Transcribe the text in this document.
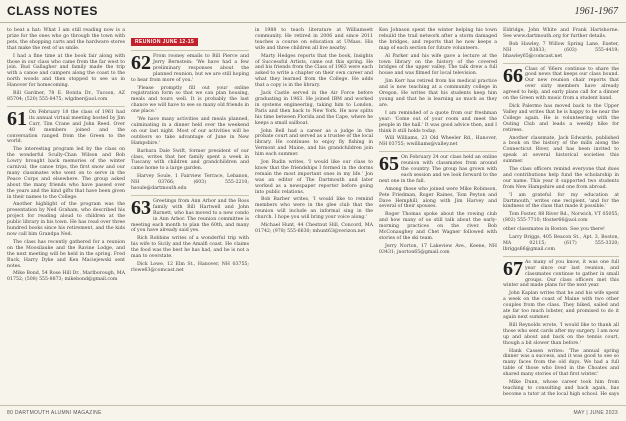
CLASS NOTES	1961-1967

to beat a hat: What I am still reading now is a prize for the ones who go through the town with pets, the shopping carts and the hardware stores that make the rest of us smile.

I had a fine time at the book fair along with those in our class who came from the far west to join. Bud Gallagher and family made the trip with a canoe and campers along the coast to the north woods and then stopped to see us in Hanover for homecoming.

Bill Gardner, 78 E. Bonita Dr., Tucson, AZ 85704; (520) 555-8475; wlgdner@aol.com

61 On February 18 the class of 1961 had its annual virtual meeting hosted by Jim Carr, Tim Crane and John Reed. Over 40 members joined and the conversation ranged from the Green to the world.

The interesting program led by the class on the wonderful Scully-Chan Wilson and Bob Lowry brought back memories of the winter carnival, the canoe trips, the first snow and our many classmates who went on to serve in the Peace Corps and elsewhere. The group asked about the many friends who have passed over the years and the kind gifts that have been given in their names to the College.

Another highlight of the program was the presentation by Ned Graham, who described his project for reading aloud to children at the public library in his town. He has read over three hundred books since his retirement, and the kids now call him Grandpa Ned.

The class has recently gathered for a reunion on the Moosilauke and the Ravine Lodge, and the next meeting will be held in the spring. Fred Buck, Harry Dyke and Ken Maciejewski sent notes.

Mike Bond, 54 Rose Hill Dr., Marlborough, MA 01752; (508) 555-8873; mikebond@gmail.com

REUNION JUNE 12-15
62 From rooney emails to Bill Pierce and Jerry Bernstein: 'We have had a few preliminary responses about the planned reunion, but we are still hoping to hear from more of you.'

'Please promptly fill out your online registration form so that we can plan housing, meals and tours well. It is probably the last chance we will have to see so many old friends in one place.'

'We have many activities and meals planned, culminating in a dinner held over the weekend on our last night. Most of our activities will be outdoors so take advantage of June in New Hampshire.'

Barbara Dale Swift, former president of our class, writes that her family spent a week in Tuscany with children and grandchildren and came home to a large garden.

Harvey Soule, 1 Fairview Terrace, Lebanon, NH 03766; (603) 555-2210; hsoule@dartmouth.edu

63 Greetings from Ann Arbor and the Ross family with Bill Hartwell and John Barnett, who has moved to a new condo in Ann Arbor. The reunion committee is meeting each month to plan the 60th, and many of you have already said yes.

Rich Robbins writes of a wonderful trip with his wife to Sicily and the Amalfi coast. He claims the food was the best he has had, and he is not a man to overstate.

Dick Lowe, 12 Elm St., Hanover, NH 03755; rlowe63@comcast.net

in 1988 to teach literature at Williamsett community. He retired in 2006 and since 2011 teaches a course on education at UMass. His wife and three children all live nearby.

Marty Hedges reports that the book, Insights of Successful Artists, came out this spring. He and his friends from the Class of 1963 were each asked to write a chapter on their own career and what they learned from the College. He adds that a copy is in the library.

Jack Castle served in the Air Force before graduating in 1963. He joined IBM and worked in systems engineering, taking him to London, Paris and then back to New York. He now splits his time between Florida and the Cape, where he keeps a small sailboat.

John Bell had a career as a judge in the probate court and served as a trustee of the local library. He continues to enjoy fly fishing in Vermont and Maine, and his grandchildren join him each summer.

Jon Rudin writes, 'I would like our class to know that the friendships I formed in the dorms remain the most important ones in my life.' Jon was an editor of The Dartmouth and later worked as a newspaper reporter before going into public relations.

Bob Barber writes, 'I would like to remind members who were in the glee club that the reunion will include an informal sing in the church. I hope you will bring your voice along.'

Michael Hunt, 44 Chestnut Hill, Concord, MA 01742; (978) 555-6630; mhunt63@verizon.net

Ken Johnson spent the winter helping his town rebuild the trail network after a storm damaged the bridges, and reports that he now keeps a map of each section for future volunteers.

Al Parker and his wife gave a lecture at the town library on the history of the covered bridges of the upper valley. The talk drew a full house and was filmed for local television.

Jim Kerr has retired from his medical practice and is now teaching at a community college in Oregon. He writes that his students keep him young and that he is learning as much as they are.

I am reminded of a quote from our freshman year: 'Come out of your room and meet the people in the hall.' It was good advice then, and I think it still holds today.

Will Williams, 23 Old Wheeler Rd., Hanover, NH 03755; wwilliams@valley.net

65 On February 24 our class held an online reunion with classmates from around the country. The group has grown with each session and we look forward to the next one in the fall.

Among those who joined were Mike Robinson, Pete Friedman, Roger Raines, Tom Peyton and Dave Hemphill, along with Jim Harvey and several of their spouses.

Roger Thomas spoke about the rowing club and how many of us still talk about the early-morning practices on the river. Bob McConaughey and Chet Wagner followed with stories of the ski team.

Jerry Norton, 17 Lakeview Ave., Keene, NH 03431; jnorton65@gmail.com

Eldridge, John White and Frank Hartshorne. See www.dartmouth.org for further details.

Bob Hawley, 7 Willow Spring Lane, Exeter, NH 03833; (603) 555-4419; bhawley65@comcast.net

66 Class of '66ers continue to share the good news that keeps our class bound. Our new reunion chair reports that over sixty members have already agreed to help, and early plans call for a dinner on the Green with music from a student band.

Dick Palermo has moved back to the Upper Valley and writes that he is happy to be near the College again. He is volunteering with the Outing Club and leads a weekly hike for retirees.

Another classmate, Jack Edwards, published a book on the history of the mills along the Connecticut River, and has been invited to speak at several historical societies this summer.

The class officers remind everyone that dues and contributions help fund the scholarship in our name. This year it supported two students from New Hampshire and one from abroad.

'I am grateful for my education at Dartmouth,' writes one recipient, 'and for the kindness of the class that made it possible.'

Tom Foster, 88 River Rd., Norwich, VT 05055; (802) 555-7710; tfoster66@aol.com

other classmates in Boston. See you there!

Larry Briggs, 405 Beacon St., Apt. 3, Boston, MA 02115; (617) 555-3320; lbriggs66@gmail.com

67 As many of you know, it was one full year since our last reunion, and classmates continue to gather in small groups. Our class officers met this winter and made plans for the next year.

John Kaplan writes that he and his wife spent a week on the coast of Maine with two other couples from the class. They hiked, sailed and ate far too much lobster, and promised to do it again next summer.

Bill Reynolds wrote, 'I would like to thank all those who sent cards after my surgery. I am now up and about and back on the tennis court, though a bit slower than before.'

Hank Cassen writes: 'The annual spring dinner was a success, and it was good to see so many faces from the old days. We had a full table of those who lived in the Choates and shared many stories of that first winter.'

Mike Dunn, whose career took him from teaching to consulting and back again, has become a tutor at the local high school. He says

80 DARTMOUTH ALUMNI MAGAZINE	MAY | JUNE 2023
